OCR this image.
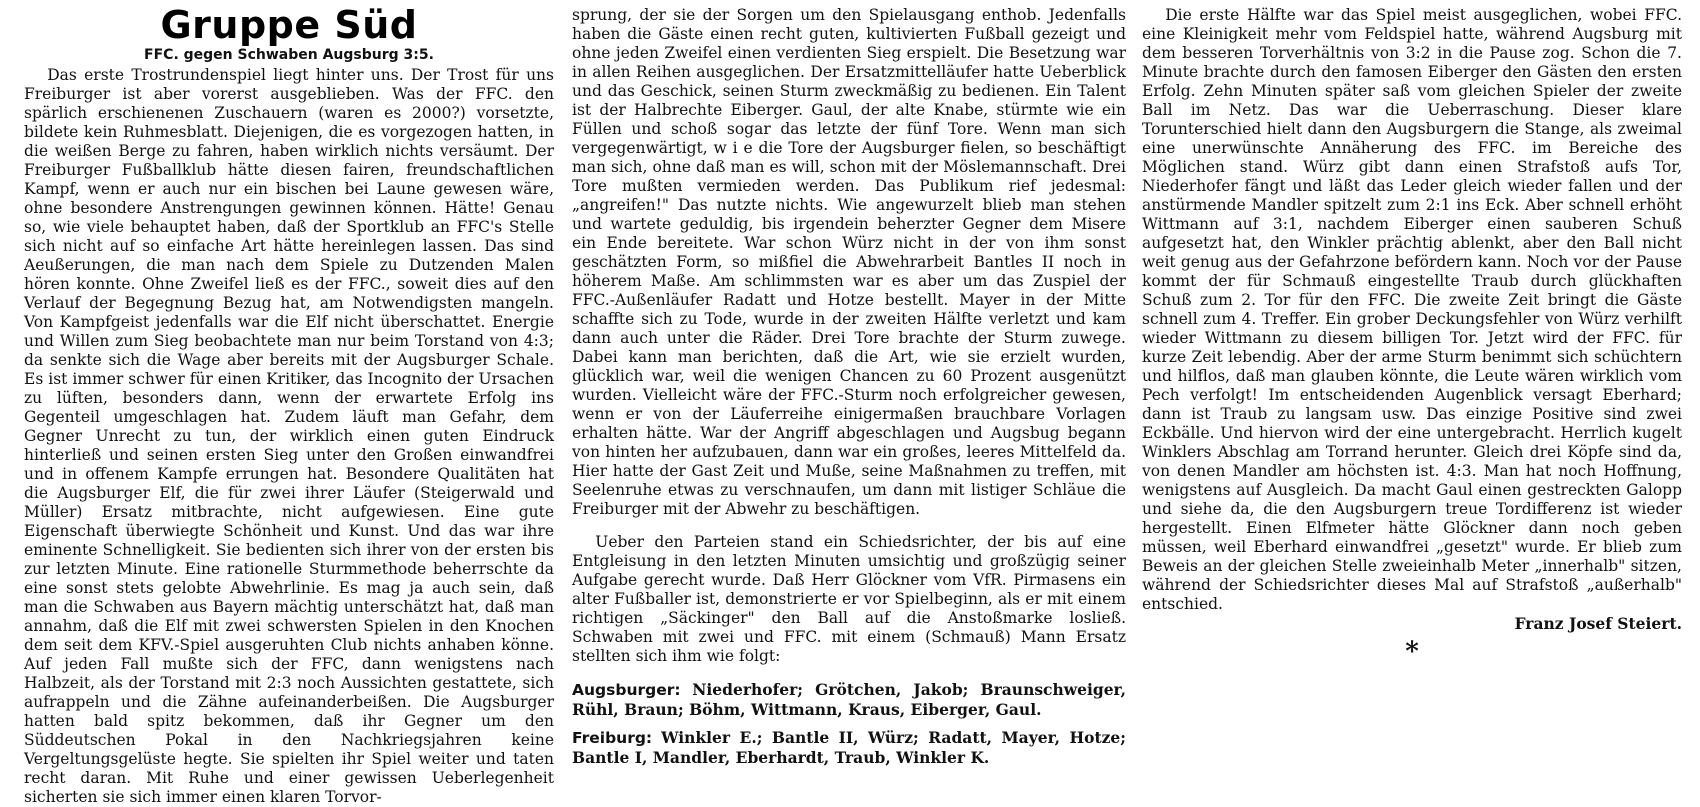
Gruppe Süd
FFC. gegen Schwaben Augsburg 3:5.

Das erste Trostrundenspiel liegt hinter uns. Der Trost für uns Freiburger ist aber vorerst ausgeblieben. Was der FFC. den spärlich erschienenen Zuschauern (waren es 2000?) vorsetzte, bildete kein Ruhmesblatt. Diejenigen, die es vorgezogen hatten, in die weißen Berge zu fahren, haben wirklich nichts versäumt. Der Freiburger Fußballklub hätte diesen fairen, freundschaftlichen Kampf, wenn er auch nur ein bischen bei Laune gewesen wäre, ohne besondere Anstrengungen gewinnen können. Hätte! Genau so, wie viele behauptet haben, daß der Sportklub an FFC's Stelle sich nicht auf so einfache Art hätte hereinlegen lassen. Das sind Aeußerungen, die man nach dem Spiele zu Dutzenden Malen hören konnte. Ohne Zweifel ließ es der FFC., soweit dies auf den Verlauf der Begegnung Bezug hat, am Notwendigsten mangeln. Von Kampfgeist jedenfalls war die Elf nicht überschattet. Energie und Willen zum Sieg beobachtete man nur beim Torstand von 4:3; da senkte sich die Wage aber bereits mit der Augsburger Schale. Es ist immer schwer für einen Kritiker, das Incognito der Ursachen zu lüften, besonders dann, wenn der erwartete Erfolg ins Gegenteil umgeschlagen hat. Zudem läuft man Gefahr, dem Gegner Unrecht zu tun, der wirklich einen guten Eindruck hinterließ und seinen ersten Sieg unter den Großen einwandfrei und in offenem Kampfe errungen hat. Besondere Qualitäten hat die Augsburger Elf, die für zwei ihrer Läufer (Steigerwald und Müller) Ersatz mitbrachte, nicht aufgewiesen. Eine gute Eigenschaft überwiegte Schönheit und Kunst. Und das war ihre eminente Schnelligkeit. Sie bedienten sich ihrer von der ersten bis zur letzten Minute. Eine rationelle Sturmmethode beherrschte da eine sonst stets gelobte Abwehrlinie. Es mag ja auch sein, daß man die Schwaben aus Bayern mächtig unterschätzt hat, daß man annahm, daß die Elf mit zwei schwersten Spielen in den Knochen dem seit dem KFV.-Spiel ausgeruhten Club nichts anhaben könne. Auf jeden Fall mußte sich der FFC, dann wenigstens nach Halbzeit, als der Torstand mit 2:3 noch Aussichten gestattete, sich aufrappeln und die Zähne aufeinanderbeißen. Die Augsburger hatten bald spitz bekommen, daß ihr Gegner um den Süddeutschen Pokal in den Nachkriegsjahren keine Vergeltungsgelüste hegte. Sie spielten ihr Spiel weiter und taten recht daran. Mit Ruhe und einer gewissen Ueberlegenheit sicherten sie sich immer einen klaren Torvor-

sprung, der sie der Sorgen um den Spielausgang enthob. Jedenfalls haben die Gäste einen recht guten, kultivierten Fußball gezeigt und ohne jeden Zweifel einen verdienten Sieg erspielt. Die Besetzung war in allen Reihen ausgeglichen. Der Ersatzmittelläufer hatte Ueberblick und das Geschick, seinen Sturm zweckmäßig zu bedienen. Ein Talent ist der Halbrechte Eiberger. Gaul, der alte Knabe, stürmte wie ein Füllen und schoß sogar das letzte der fünf Tore. Wenn man sich vergegenwärtigt, w i e die Tore der Augsburger fielen, so beschäftigt man sich, ohne daß man es will, schon mit der Möslemannschaft. Drei Tore mußten vermieden werden. Das Publikum rief jedesmal: „angreifen!" Das nutzte nichts. Wie angewurzelt blieb man stehen und wartete geduldig, bis irgendein beherzter Gegner dem Misere ein Ende bereitete. War schon Würz nicht in der von ihm sonst geschätzten Form, so mißfiel die Abwehrarbeit Bantles II noch in höherem Maße. Am schlimmsten war es aber um das Zuspiel der FFC.-Außenläufer Radatt und Hotze bestellt. Mayer in der Mitte schaffte sich zu Tode, wurde in der zweiten Hälfte verletzt und kam dann auch unter die Räder. Drei Tore brachte der Sturm zuwege. Dabei kann man berichten, daß die Art, wie sie erzielt wurden, glücklich war, weil die wenigen Chancen zu 60 Prozent ausgenützt wurden. Vielleicht wäre der FFC.-Sturm noch erfolgreicher gewesen, wenn er von der Läuferreihe einigermaßen brauchbare Vorlagen erhalten hätte. War der Angriff abgeschlagen und Augsbug begann von hinten her aufzubauen, dann war ein großes, leeres Mittelfeld da. Hier hatte der Gast Zeit und Muße, seine Maßnahmen zu treffen, mit Seelenruhe etwas zu verschnaufen, um dann mit listiger Schläue die Freiburger mit der Abwehr zu beschäftigen.

Ueber den Parteien stand ein Schiedsrichter, der bis auf eine Entgleisung in den letzten Minuten umsichtig und großzügig seiner Aufgabe gerecht wurde. Daß Herr Glöckner vom VfR. Pirmasens ein alter Fußballer ist, demonstrierte er vor Spielbeginn, als er mit einem richtigen „Säckinger" den Ball auf die Anstoßmarke losließ. Schwaben mit zwei und FFC. mit einem (Schmauß) Mann Ersatz stellten sich ihm wie folgt:

Augsburger: Niederhofer; Grötchen, Jakob; Braunschweiger, Rühl, Braun; Böhm, Wittmann, Kraus, Eiberger, Gaul.

Freiburg: Winkler E.; Bantle II, Würz; Radatt, Mayer, Hotze; Bantle I, Mandler, Eberhardt, Traub, Winkler K.

Die erste Hälfte war das Spiel meist ausgeglichen, wobei FFC. eine Kleinigkeit mehr vom Feldspiel hatte, während Augsburg mit dem besseren Torverhältnis von 3:2 in die Pause zog. Schon die 7. Minute brachte durch den famosen Eiberger den Gästen den ersten Erfolg. Zehn Minuten später saß vom gleichen Spieler der zweite Ball im Netz. Das war die Ueberraschung. Dieser klare Torunterschied hielt dann den Augsburgern die Stange, als zweimal eine unerwünschte Annäherung des FFC. im Bereiche des Möglichen stand. Würz gibt dann einen Strafstoß aufs Tor, Niederhofer fängt und läßt das Leder gleich wieder fallen und der anstürmende Mandler spitzelt zum 2:1 ins Eck. Aber schnell erhöht Wittmann auf 3:1, nachdem Eiberger einen sauberen Schuß aufgesetzt hat, den Winkler prächtig ablenkt, aber den Ball nicht weit genug aus der Gefahrzone befördern kann. Noch vor der Pause kommt der für Schmauß eingestellte Traub durch glückhaften Schuß zum 2. Tor für den FFC. Die zweite Zeit bringt die Gäste schnell zum 4. Treffer. Ein grober Deckungsfehler von Würz verhilft wieder Wittmann zu diesem billigen Tor. Jetzt wird der FFC. für kurze Zeit lebendig. Aber der arme Sturm benimmt sich schüchtern und hilflos, daß man glauben könnte, die Leute wären wirklich vom Pech verfolgt! Im entscheidenden Augenblick versagt Eberhard; dann ist Traub zu langsam usw. Das einzige Positive sind zwei Eckbälle. Und hiervon wird der eine untergebracht. Herrlich kugelt Winklers Abschlag am Torrand herunter. Gleich drei Köpfe sind da, von denen Mandler am höchsten ist. 4:3. Man hat noch Hoffnung, wenigstens auf Ausgleich. Da macht Gaul einen gestreckten Galopp und siehe da, die den Augsburgern treue Tordifferenz ist wieder hergestellt. Einen Elfmeter hätte Glöckner dann noch geben müssen, weil Eberhard einwandfrei „gesetzt" wurde. Er blieb zum Beweis an der gleichen Stelle zweieinhalb Meter „innerhalb" sitzen, während der Schiedsrichter dieses Mal auf Strafstoß „außerhalb" entschied.

Franz Josef Steiert.

*
